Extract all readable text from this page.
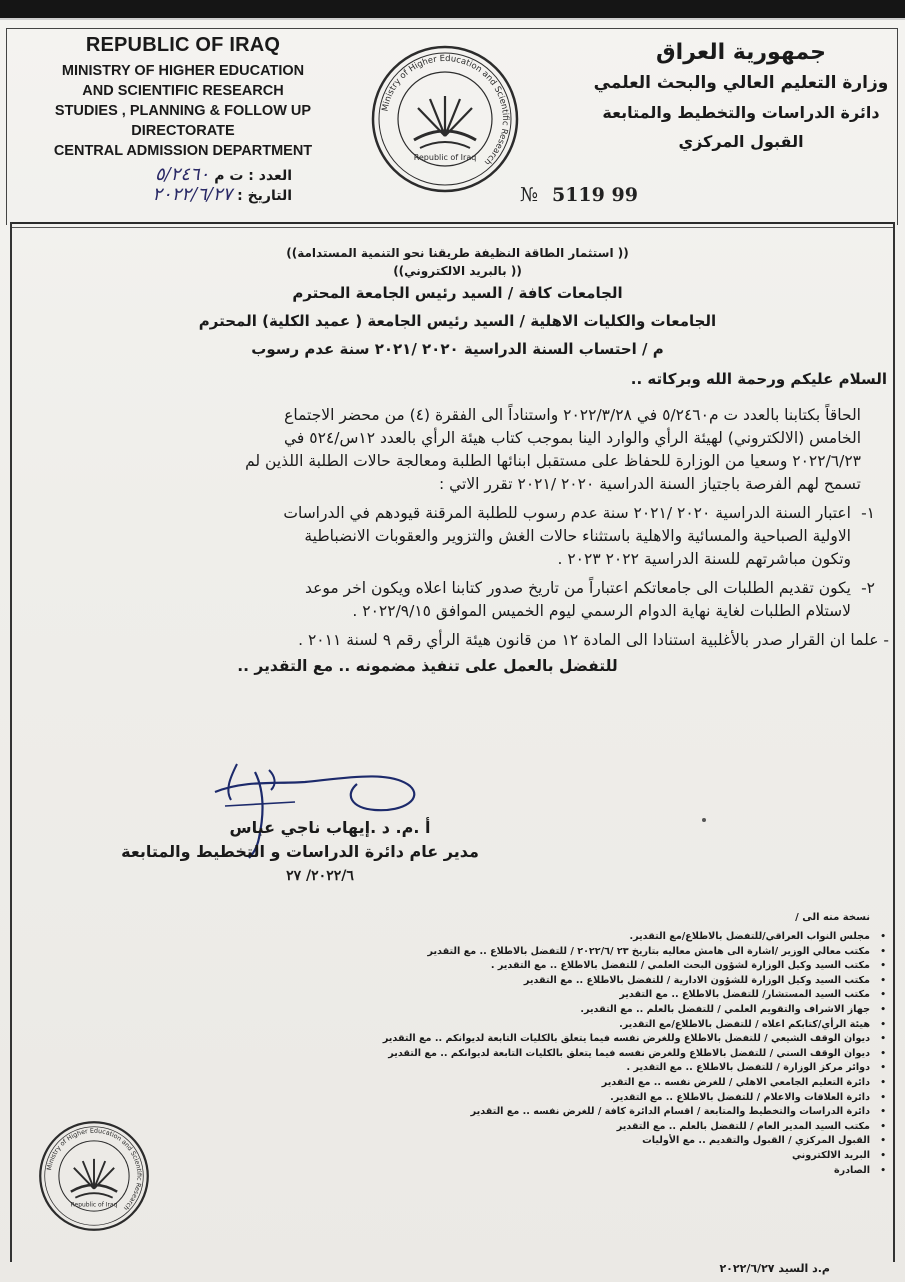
REPUBLIC OF IRAQ
MINISTRY OF HIGHER EDUCATION
AND SCIENTIFIC RESEARCH
STUDIES , PLANNING & FOLLOW UP DIRECTORATE
CENTRAL ADMISSION DEPARTMENT
العدد : ت م ٥/٢٤٦٠
التاريخ : ٢٠٢٢/٦/٢٧
Ministry of Higher Education and Scientific Research
Republic of Iraq
جمهورية العراق
وزارة التعليم العالي والبحث العلمي
دائرة الدراسات والتخطيط والمتابعة
القبول المركزي
№ 5119 99
(( استثمار الطاقة النظيفة طريقنا نحو التنمية المستدامة))
(( بالبريد الالكتروني))
الجامعات كافة / السيد رئيس الجامعة المحترم
الجامعات والكليات الاهلية / السيد رئيس الجامعة ( عميد الكلية) المحترم
م / احتساب السنة الدراسية ٢٠٢٠ /٢٠٢١ سنة عدم رسوب
السلام عليكم ورحمة الله وبركاته ..

الحاقاً بكتابنا بالعدد ت م٥/٢٤٦٠ في ٢٠٢٢/٣/٢٨ واستناداً الى الفقرة (٤) من محضر الاجتماع

الخامس (الالكتروني) لهيئة الرأي والوارد الينا بموجب كتاب هيئة الرأي بالعدد ١٢س/٥٢٤ في

٢٠٢٢/٦/٢٣ وسعيا من الوزارة للحفاظ على مستقبل ابنائها الطلبة ومعالجة حالات الطلبة اللذين لم

تسمح لهم الفرصة باجتياز السنة الدراسية ٢٠٢٠ /٢٠٢١ تقرر الاتي :

١-اعتبار السنة الدراسية ٢٠٢٠ /٢٠٢١ سنة عدم رسوب للطلبة المرقنة قيودهم في الدراسات
الاولية الصباحية والمسائية والاهلية باستثناء حالات الغش والتزوير والعقوبات الانضباطية
وتكون مباشرتهم للسنة الدراسية ٢٠٢٢ ٢٠٢٣ .
٢-يكون تقديم الطلبات الى جامعاتكم اعتباراً من تاريخ صدور كتابنا اعلاه ويكون اخر موعد
لاستلام الطلبات لغاية نهاية الدوام الرسمي ليوم الخميس الموافق ٢٠٢٢/٩/١٥ .
- علما ان القرار صدر بالأغلبية استنادا الى المادة ١٢ من قانون هيئة الرأي رقم ٩ لسنة ٢٠١١ .
للتفضل بالعمل على تنفيذ مضمونه .. مع التقدير ..
أ .م. د .إيهاب ناجي عباس
مدير عام دائرة الدراسات و التخطيط والمتابعة
٢٠٢٢/٦/ ٢٧
نسخة منه الى /
• مجلس النواب العراقي/للتفضل بالاطلاع/مع التقدير.
• مكتب معالي الوزير /اشارة الى هامش معاليه بتاريخ ٢٣ /٢٠٢٢/٦ / للتفضل بالاطلاع .. مع التقدير
• مكتب السيد وكيل الوزارة لشؤون البحث العلمي / للتفضل بالاطلاع .. مع التقدير .
• مكتب السيد وكيل الوزارة للشؤون الادارية / للتفضل بالاطلاع .. مع التقدير
• مكتب السيد المستشار/ للتفضل بالاطلاع .. مع التقدير
• جهاز الاشراف والتقويم العلمي / للتفضل بالعلم .. مع التقدير.
• هيئة الرأي/كتابكم اعلاه / للتفضل بالاطلاع/مع التقدير.
• ديوان الوقف الشيعي / للتفضل بالاطلاع وللغرض نفسه فيما يتعلق بالكليات التابعة لديوانكم .. مع التقدير
• ديوان الوقف السني / للتفضل بالاطلاع وللغرض نفسه فيما يتعلق بالكليات التابعة لديوانكم .. مع التقدير
• دوائر مركز الوزارة / للتفضل بالاطلاع .. مع التقدير .
• دائرة التعليم الجامعي الاهلي / للغرض نفسه .. مع التقدير
• دائرة العلاقات والاعلام / للتفضل بالاطلاع .. مع التقدير.
• دائرة الدراسات والتخطيط والمتابعة / اقسام الدائرة كافة / للغرض نفسه .. مع التقدير
• مكتب السيد المدير العام / للتفضل بالعلم .. مع التقدير
• القبول المركزي / القبول والتقديم .. مع الأوليات
• البريد الالكتروني
• الصادرة
Ministry of Higher Education and Scientific Research
Republic of Iraq
م.د السيد ٢٠٢٢/٦/٢٧
